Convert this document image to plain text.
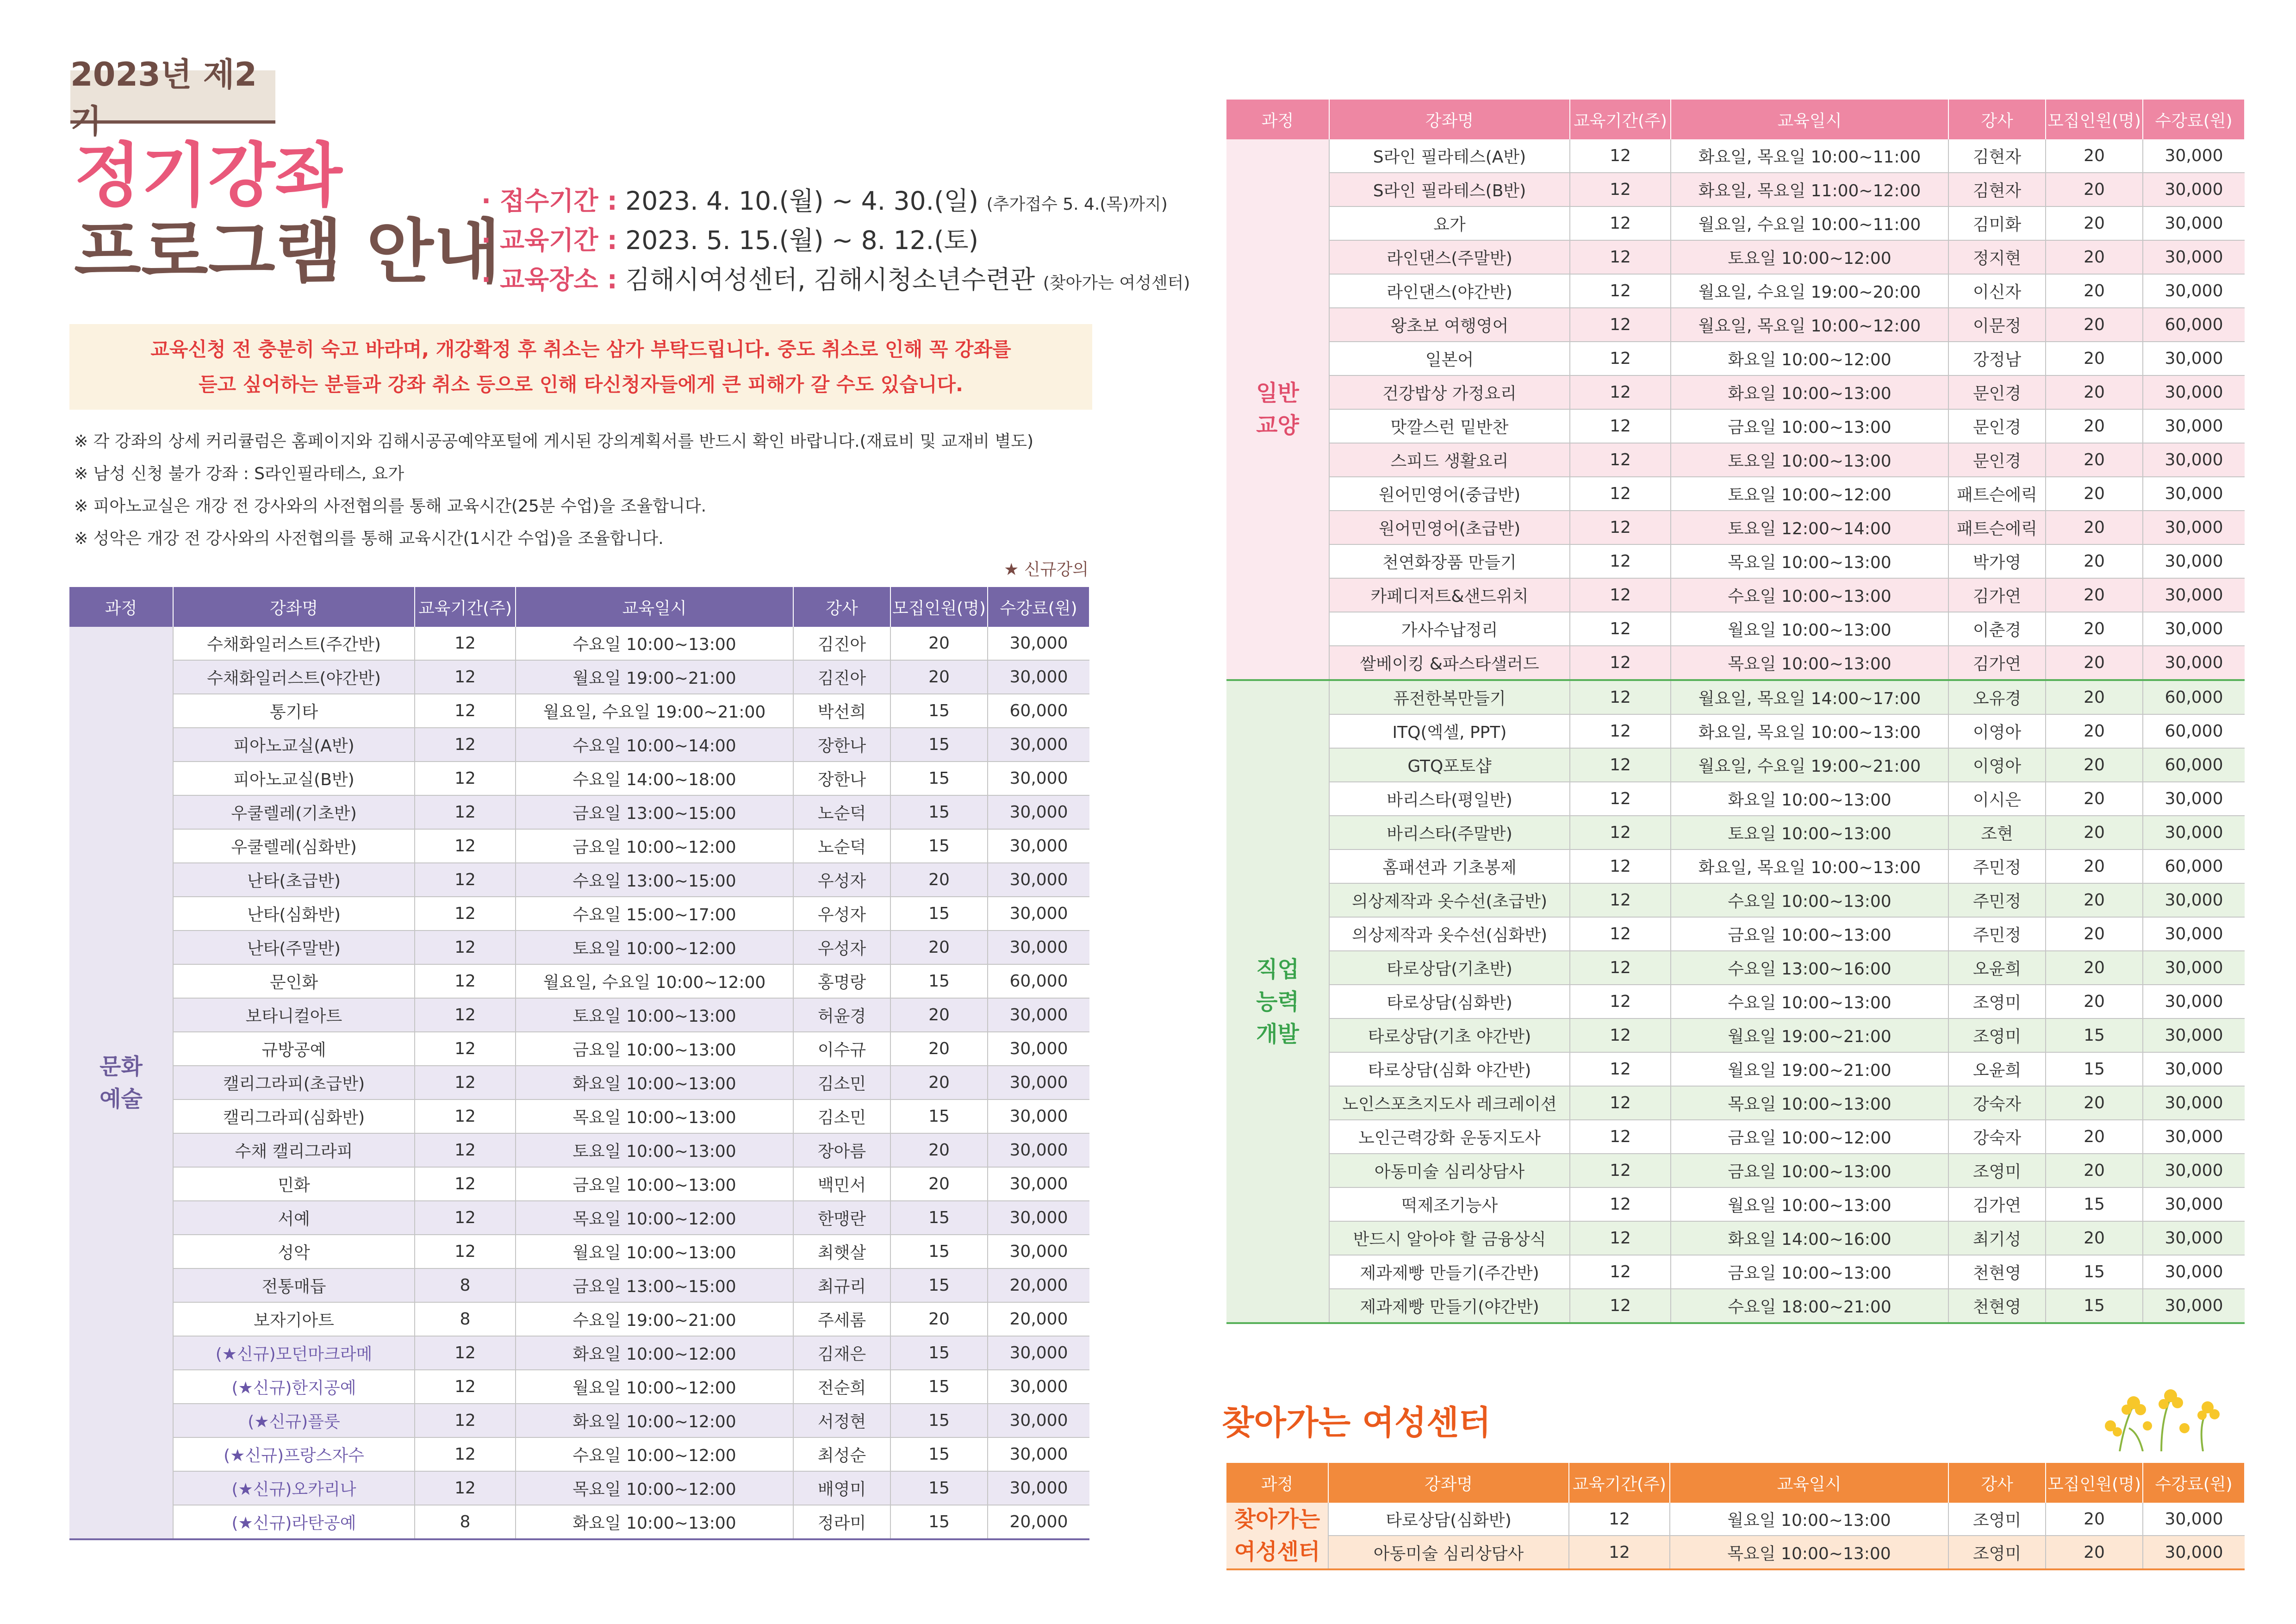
2023년 제2기
정기강좌
프로그램 안내
· 접수기간 : 2023. 4. 10.(월) ~ 4. 30.(일) (추가접수 5. 4.(목)까지)
· 교육기간 : 2023. 5. 15.(월) ~ 8. 12.(토)
· 교육장소 : 김해시여성센터, 김해시청소년수련관 (찾아가는 여성센터)
교육신청 전 충분히 숙고 바라며, 개강확정 후 취소는 삼가 부탁드립니다. 중도 취소로 인해 꼭 강좌를
듣고 싶어하는 분들과 강좌 취소 등으로 인해 타신청자들에게 큰 피해가 갈 수도 있습니다.
※ 각 강좌의 상세 커리큘럼은 홈페이지와 김해시공공예약포털에 게시된 강의계획서를 반드시 확인 바랍니다.(재료비 및 교재비 별도)
※ 남성 신청 불가 강좌 : S라인필라테스, 요가
※ 피아노교실은 개강 전 강사와의 사전협의를 통해 교육시간(25분 수업)을 조율합니다.
※ 성악은 개강 전 강사와의 사전협의를 통해 교육시간(1시간 수업)을 조율합니다.
★ 신규강의
과정	강좌명	교육기간(주)	교육일시	강사	모집인원(명)	수강료(원)
문화
예술	수채화일러스트(주간반)	12	수요일 10:00~13:00	김진아	20	30,000
	수채화일러스트(야간반)	12	월요일 19:00~21:00	김진아	20	30,000
	통기타	12	월요일, 수요일 19:00~21:00	박선희	15	60,000
	피아노교실(A반)	12	수요일 10:00~14:00	장한나	15	30,000
	피아노교실(B반)	12	수요일 14:00~18:00	장한나	15	30,000
	우쿨렐레(기초반)	12	금요일 13:00~15:00	노순덕	15	30,000
	우쿨렐레(심화반)	12	금요일 10:00~12:00	노순덕	15	30,000
	난타(초급반)	12	수요일 13:00~15:00	우성자	20	30,000
	난타(심화반)	12	수요일 15:00~17:00	우성자	15	30,000
	난타(주말반)	12	토요일 10:00~12:00	우성자	20	30,000
	문인화	12	월요일, 수요일 10:00~12:00	홍명랑	15	60,000
	보타니컬아트	12	토요일 10:00~13:00	허윤경	20	30,000
	규방공예	12	금요일 10:00~13:00	이수규	20	30,000
	캘리그라피(초급반)	12	화요일 10:00~13:00	김소민	20	30,000
	캘리그라피(심화반)	12	목요일 10:00~13:00	김소민	15	30,000
	수채 캘리그라피	12	토요일 10:00~13:00	장아름	20	30,000
	민화	12	금요일 10:00~13:00	백민서	20	30,000
	서예	12	목요일 10:00~12:00	한맹란	15	30,000
	성악	12	월요일 10:00~13:00	최햇살	15	30,000
	전통매듭	8	금요일 13:00~15:00	최규리	15	20,000
	보자기아트	8	수요일 19:00~21:00	주세롬	20	20,000
	(★신규)모던마크라메	12	화요일 10:00~12:00	김재은	15	30,000
	(★신규)한지공예	12	월요일 10:00~12:00	전순희	15	30,000
	(★신규)플룻	12	화요일 10:00~12:00	서정현	15	30,000
	(★신규)프랑스자수	12	수요일 10:00~12:00	최성순	15	30,000
	(★신규)오카리나	12	목요일 10:00~12:00	배영미	15	30,000
	(★신규)라탄공예	8	화요일 10:00~13:00	정라미	15	20,000
과정	강좌명	교육기간(주)	교육일시	강사	모집인원(명)	수강료(원)
일반
교양	S라인 필라테스(A반)	12	화요일, 목요일 10:00~11:00	김현자	20	30,000
	S라인 필라테스(B반)	12	화요일, 목요일 11:00~12:00	김현자	20	30,000
	요가	12	월요일, 수요일 10:00~11:00	김미화	20	30,000
	라인댄스(주말반)	12	토요일 10:00~12:00	정지현	20	30,000
	라인댄스(야간반)	12	월요일, 수요일 19:00~20:00	이신자	20	30,000
	왕초보 여행영어	12	월요일, 목요일 10:00~12:00	이문정	20	60,000
	일본어	12	화요일 10:00~12:00	강정남	20	30,000
	건강밥상 가정요리	12	화요일 10:00~13:00	문인경	20	30,000
	맛깔스런 밑반찬	12	금요일 10:00~13:00	문인경	20	30,000
	스피드 생활요리	12	토요일 10:00~13:00	문인경	20	30,000
	원어민영어(중급반)	12	토요일 10:00~12:00	패트슨에릭	20	30,000
	원어민영어(초급반)	12	토요일 12:00~14:00	패트슨에릭	20	30,000
	천연화장품 만들기	12	목요일 10:00~13:00	박가영	20	30,000
	카페디저트&샌드위치	12	수요일 10:00~13:00	김가연	20	30,000
	가사수납정리	12	월요일 10:00~13:00	이춘경	20	30,000
	쌀베이킹 &파스타샐러드	12	목요일 10:00~13:00	김가연	20	30,000
직업
능력
개발	퓨전한복만들기	12	월요일, 목요일 14:00~17:00	오유경	20	60,000
	ITQ(엑셀, PPT)	12	화요일, 목요일 10:00~13:00	이영아	20	60,000
	GTQ포토샵	12	월요일, 수요일 19:00~21:00	이영아	20	60,000
	바리스타(평일반)	12	화요일 10:00~13:00	이시은	20	30,000
	바리스타(주말반)	12	토요일 10:00~13:00	조현	20	30,000
	홈패션과 기초봉제	12	화요일, 목요일 10:00~13:00	주민정	20	60,000
	의상제작과 옷수선(초급반)	12	수요일 10:00~13:00	주민정	20	30,000
	의상제작과 옷수선(심화반)	12	금요일 10:00~13:00	주민정	20	30,000
	타로상담(기초반)	12	수요일 13:00~16:00	오윤희	20	30,000
	타로상담(심화반)	12	수요일 10:00~13:00	조영미	20	30,000
	타로상담(기초 야간반)	12	월요일 19:00~21:00	조영미	15	30,000
	타로상담(심화 야간반)	12	월요일 19:00~21:00	오윤희	15	30,000
	노인스포츠지도사 레크레이션	12	목요일 10:00~13:00	강숙자	20	30,000
	노인근력강화 운동지도사	12	금요일 10:00~12:00	강숙자	20	30,000
	아동미술 심리상담사	12	금요일 10:00~13:00	조영미	20	30,000
	떡제조기능사	12	월요일 10:00~13:00	김가연	15	30,000
	반드시 알아야 할 금융상식	12	화요일 14:00~16:00	최기성	20	30,000
	제과제빵 만들기(주간반)	12	금요일 10:00~13:00	천현영	15	30,000
	제과제빵 만들기(야간반)	12	수요일 18:00~21:00	천현영	15	30,000
찾아가는 여성센터
과정	강좌명	교육기간(주)	교육일시	강사	모집인원(명)	수강료(원)
찾아가는
여성센터	타로상담(심화반)	12	월요일 10:00~13:00	조영미	20	30,000
	아동미술 심리상담사	12	목요일 10:00~13:00	조영미	20	30,000
